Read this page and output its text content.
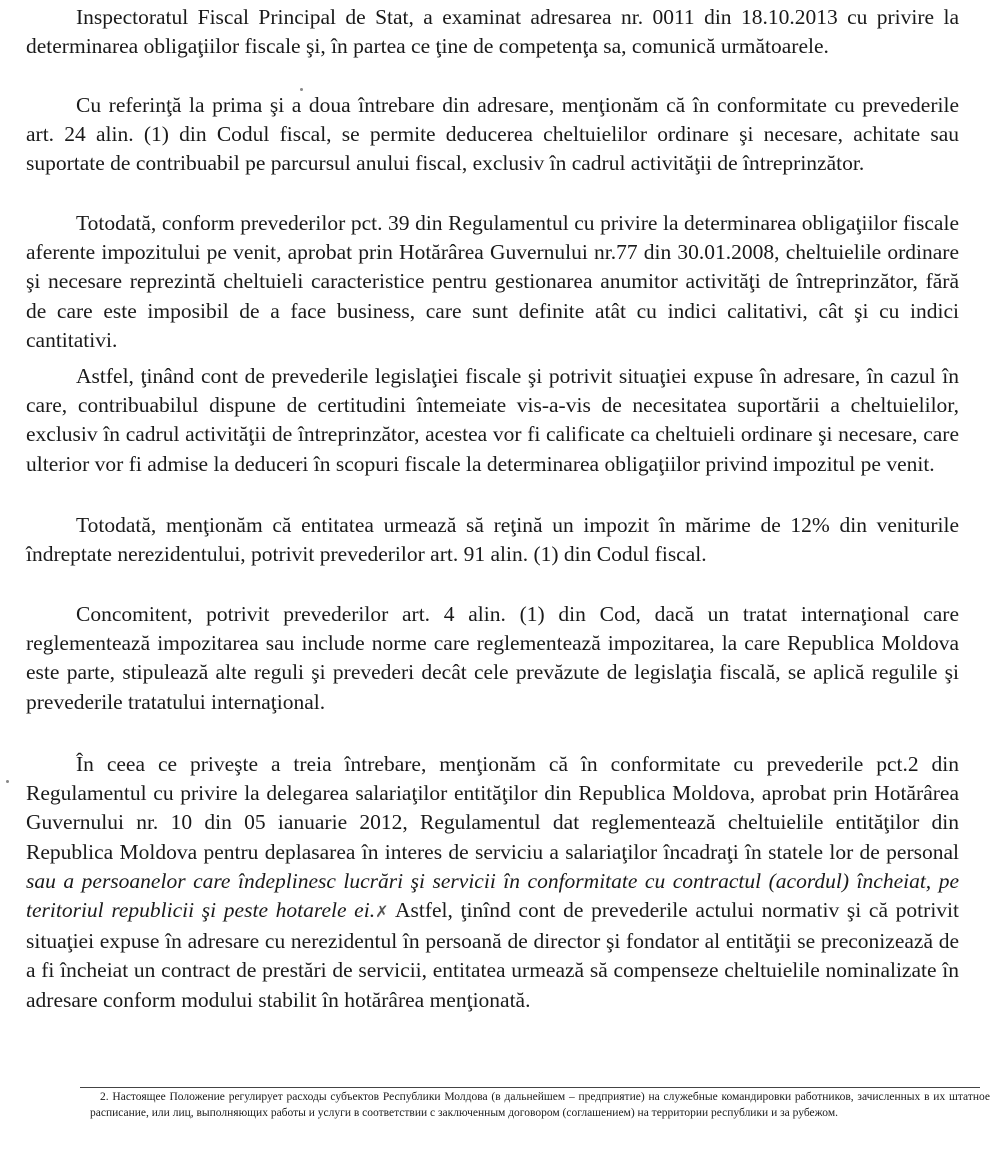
Inspectoratul Fiscal Principal de Stat, a examinat adresarea nr. 0011 din 18.10.2013 cu privire la determinarea obligaţiilor fiscale şi, în partea ce ţine de competenţa sa, comunică următoarele.

Cu referinţă la prima şi a doua întrebare din adresare, menţionăm că în conformitate cu prevederile art. 24 alin. (1) din Codul fiscal, se permite deducerea cheltuielilor ordinare şi necesare, achitate sau suportate de contribuabil pe parcursul anului fiscal, exclusiv în cadrul activităţii de întreprinzător.

Totodată, conform prevederilor pct. 39 din Regulamentul cu privire la determinarea obligaţiilor fiscale aferente impozitului pe venit, aprobat prin Hotărârea Guvernului nr.77 din 30.01.2008, cheltuielile ordinare şi necesare reprezintă cheltuieli caracteristice pentru gestionarea anumitor activităţi de întreprinzător, fără de care este imposibil de a face business, care sunt definite atât cu indici calitativi, cât şi cu indici cantitativi.

Astfel, ţinând cont de prevederile legislaţiei fiscale şi potrivit situaţiei expuse în adresare, în cazul în care, contribuabilul dispune de certitudini întemeiate vis-a-vis de necesitatea suportării a cheltuielilor, exclusiv în cadrul activităţii de întreprinzător, acestea vor fi calificate ca cheltuieli ordinare şi necesare, care ulterior vor fi admise la deduceri în scopuri fiscale la determinarea obligaţiilor privind impozitul pe venit.

Totodată, menţionăm că entitatea urmează să reţină un impozit în mărime de 12% din veniturile îndreptate nerezidentului, potrivit prevederilor art. 91 alin. (1) din Codul fiscal.

Concomitent, potrivit prevederilor art. 4 alin. (1) din Cod, dacă un tratat internaţional care reglementează impozitarea sau include norme care reglementează impozitarea, la care Republica Moldova este parte, stipulează alte reguli şi prevederi decât cele prevăzute de legislaţia fiscală, se aplică regulile şi prevederile tratatului internaţional.

În ceea ce priveşte a treia întrebare, menţionăm că în conformitate cu prevederile pct.2 din Regulamentul cu privire la delegarea salariaţilor entităţilor din Republica Moldova, aprobat prin Hotărârea Guvernului nr. 10 din 05 ianuarie 2012, Regulamentul dat reglementează cheltuielile entităţilor din Republica Moldova pentru deplasarea în interes de serviciu a salariaţilor încadraţi în statele lor de personal sau a persoanelor care îndeplinesc lucrări şi servicii în conformitate cu contractul (acordul) încheiat, pe teritoriul republicii şi peste hotarele ei.✗ Astfel, ţinînd cont de prevederile actului normativ şi că potrivit situaţiei expuse în adresare cu nerezidentul în persoană de director şi fondator al entităţii se preconizează de a fi încheiat un contract de prestări de servicii, entitatea urmează să compenseze cheltuielile nominalizate în adresare conform modului stabilit în hotărârea menţionată.

2. Настоящее Положение регулирует расходы субъектов Республики Молдова (в дальнейшем – предприятие) на служебные командировки работников, зачисленных в их штатное расписание, или лиц, выполняющих работы и услуги в соответствии с заключенным договором (соглашением) на территории республики и за рубежом.
